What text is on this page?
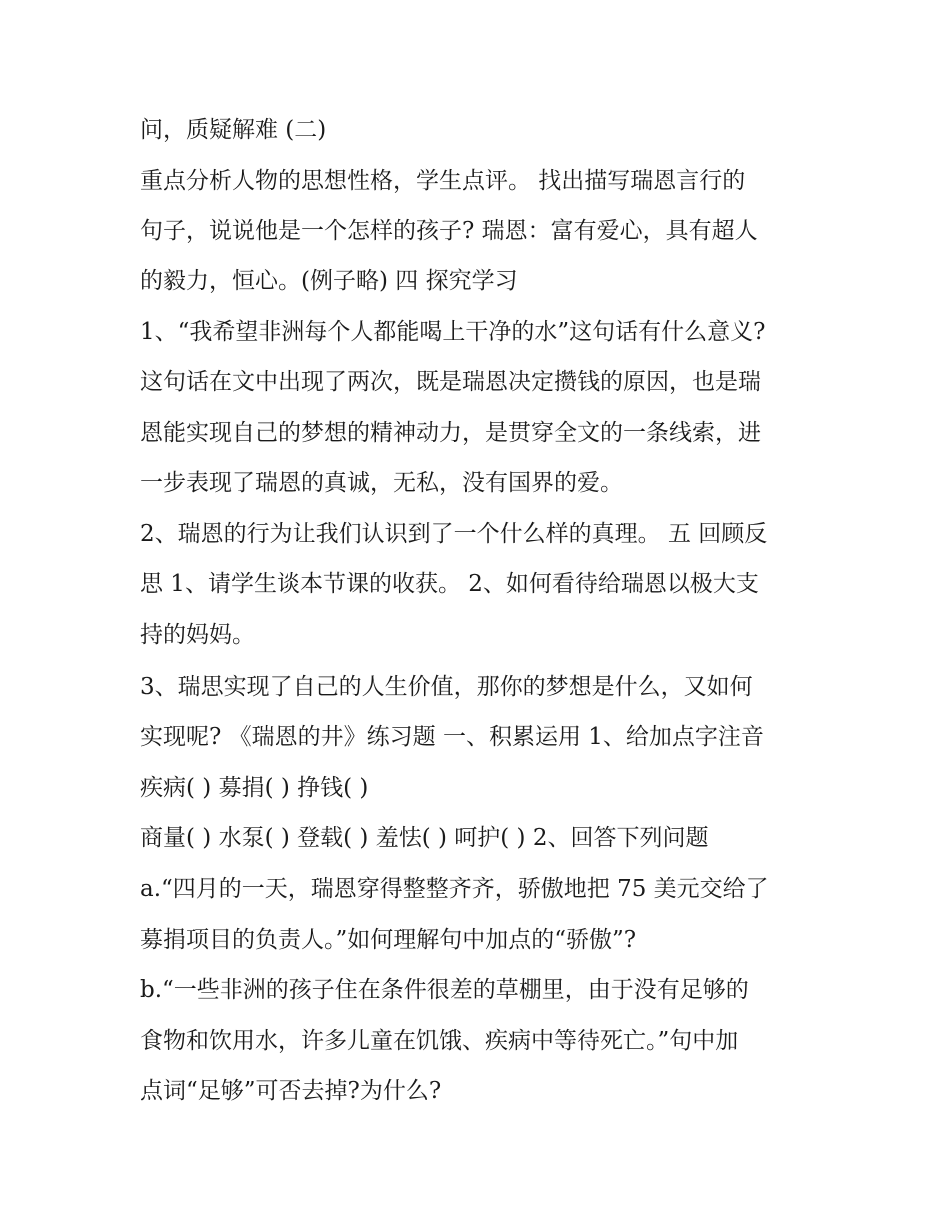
问，质疑解难 (二)
重点分析人物的思想性格，学生点评。 找出描写瑞恩言行的
句子，说说他是一个怎样的孩子? 瑞恩：富有爱心，具有超人
的毅力，恒心。(例子略) 四 探究学习
1、“我希望非洲每个人都能喝上干净的水”这句话有什么意义?
这句话在文中出现了两次，既是瑞恩决定攒钱的原因，也是瑞
恩能实现自己的梦想的精神动力，是贯穿全文的一条线索，进
一步表现了瑞恩的真诚，无私，没有国界的爱。
2、瑞恩的行为让我们认识到了一个什么样的真理。 五 回顾反
思 1、请学生谈本节课的收获。 2、如何看待给瑞恩以极大支
持的妈妈。
3、瑞思实现了自己的人生价值，那你的梦想是什么，又如何
实现呢? 《瑞恩的井》练习题 一、积累运用 1、给加点字注音
疾病( ) 募捐( ) 挣钱( )
商量( ) 水泵( ) 登载( ) 羞怯( ) 呵护( ) 2、回答下列问题
a.“四月的一天，瑞恩穿得整整齐齐，骄傲地把 75 美元交给了
募捐项目的负责人。”如何理解句中加点的“骄傲”?
b.“一些非洲的孩子住在条件很差的草棚里，由于没有足够的
食物和饮用水，许多儿童在饥饿、疾病中等待死亡。”句中加
点词“足够”可否去掉?为什么?
